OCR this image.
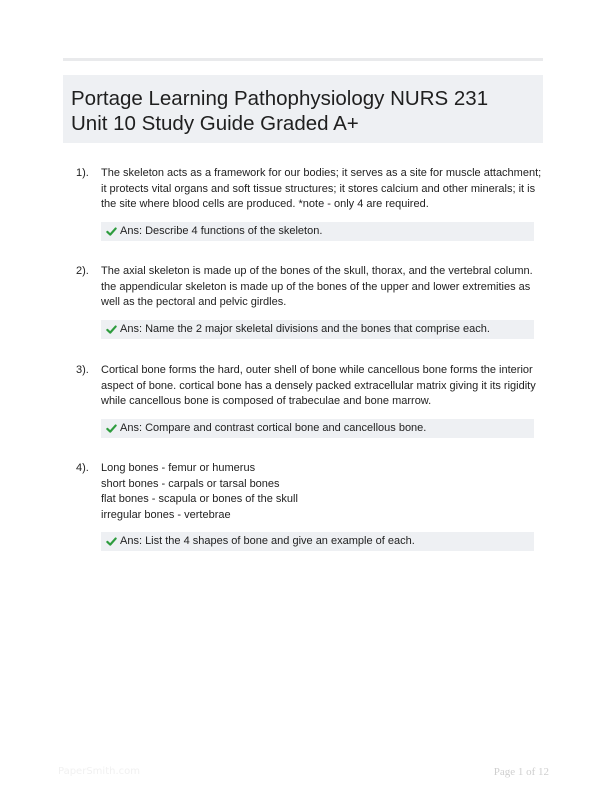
Portage Learning Pathophysiology NURS 231
Unit 10 Study Guide Graded A+
1). The skeleton acts as a framework for our bodies; it serves as a site for muscle attachment;
it protects vital organs and soft tissue structures; it stores calcium and other minerals; it is
the site where blood cells are produced. *note - only 4 are required.
Ans: Describe 4 functions of the skeleton.
2). The axial skeleton is made up of the bones of the skull, thorax, and the vertebral column.
the appendicular skeleton is made up of the bones of the upper and lower extremities as
well as the pectoral and pelvic girdles.
Ans: Name the 2 major skeletal divisions and the bones that comprise each.
3). Cortical bone forms the hard, outer shell of bone while cancellous bone forms the interior
aspect of bone. cortical bone has a densely packed extracellular matrix giving it its rigidity
while cancellous bone is composed of trabeculae and bone marrow.
Ans: Compare and contrast cortical bone and cancellous bone.
4). Long bones - femur or humerus
short bones - carpals or tarsal bones
flat bones - scapula or bones of the skull
irregular bones - vertebrae
Ans: List the 4 shapes of bone and give an example of each.
PaperSmith.com	Page 1 of 12
